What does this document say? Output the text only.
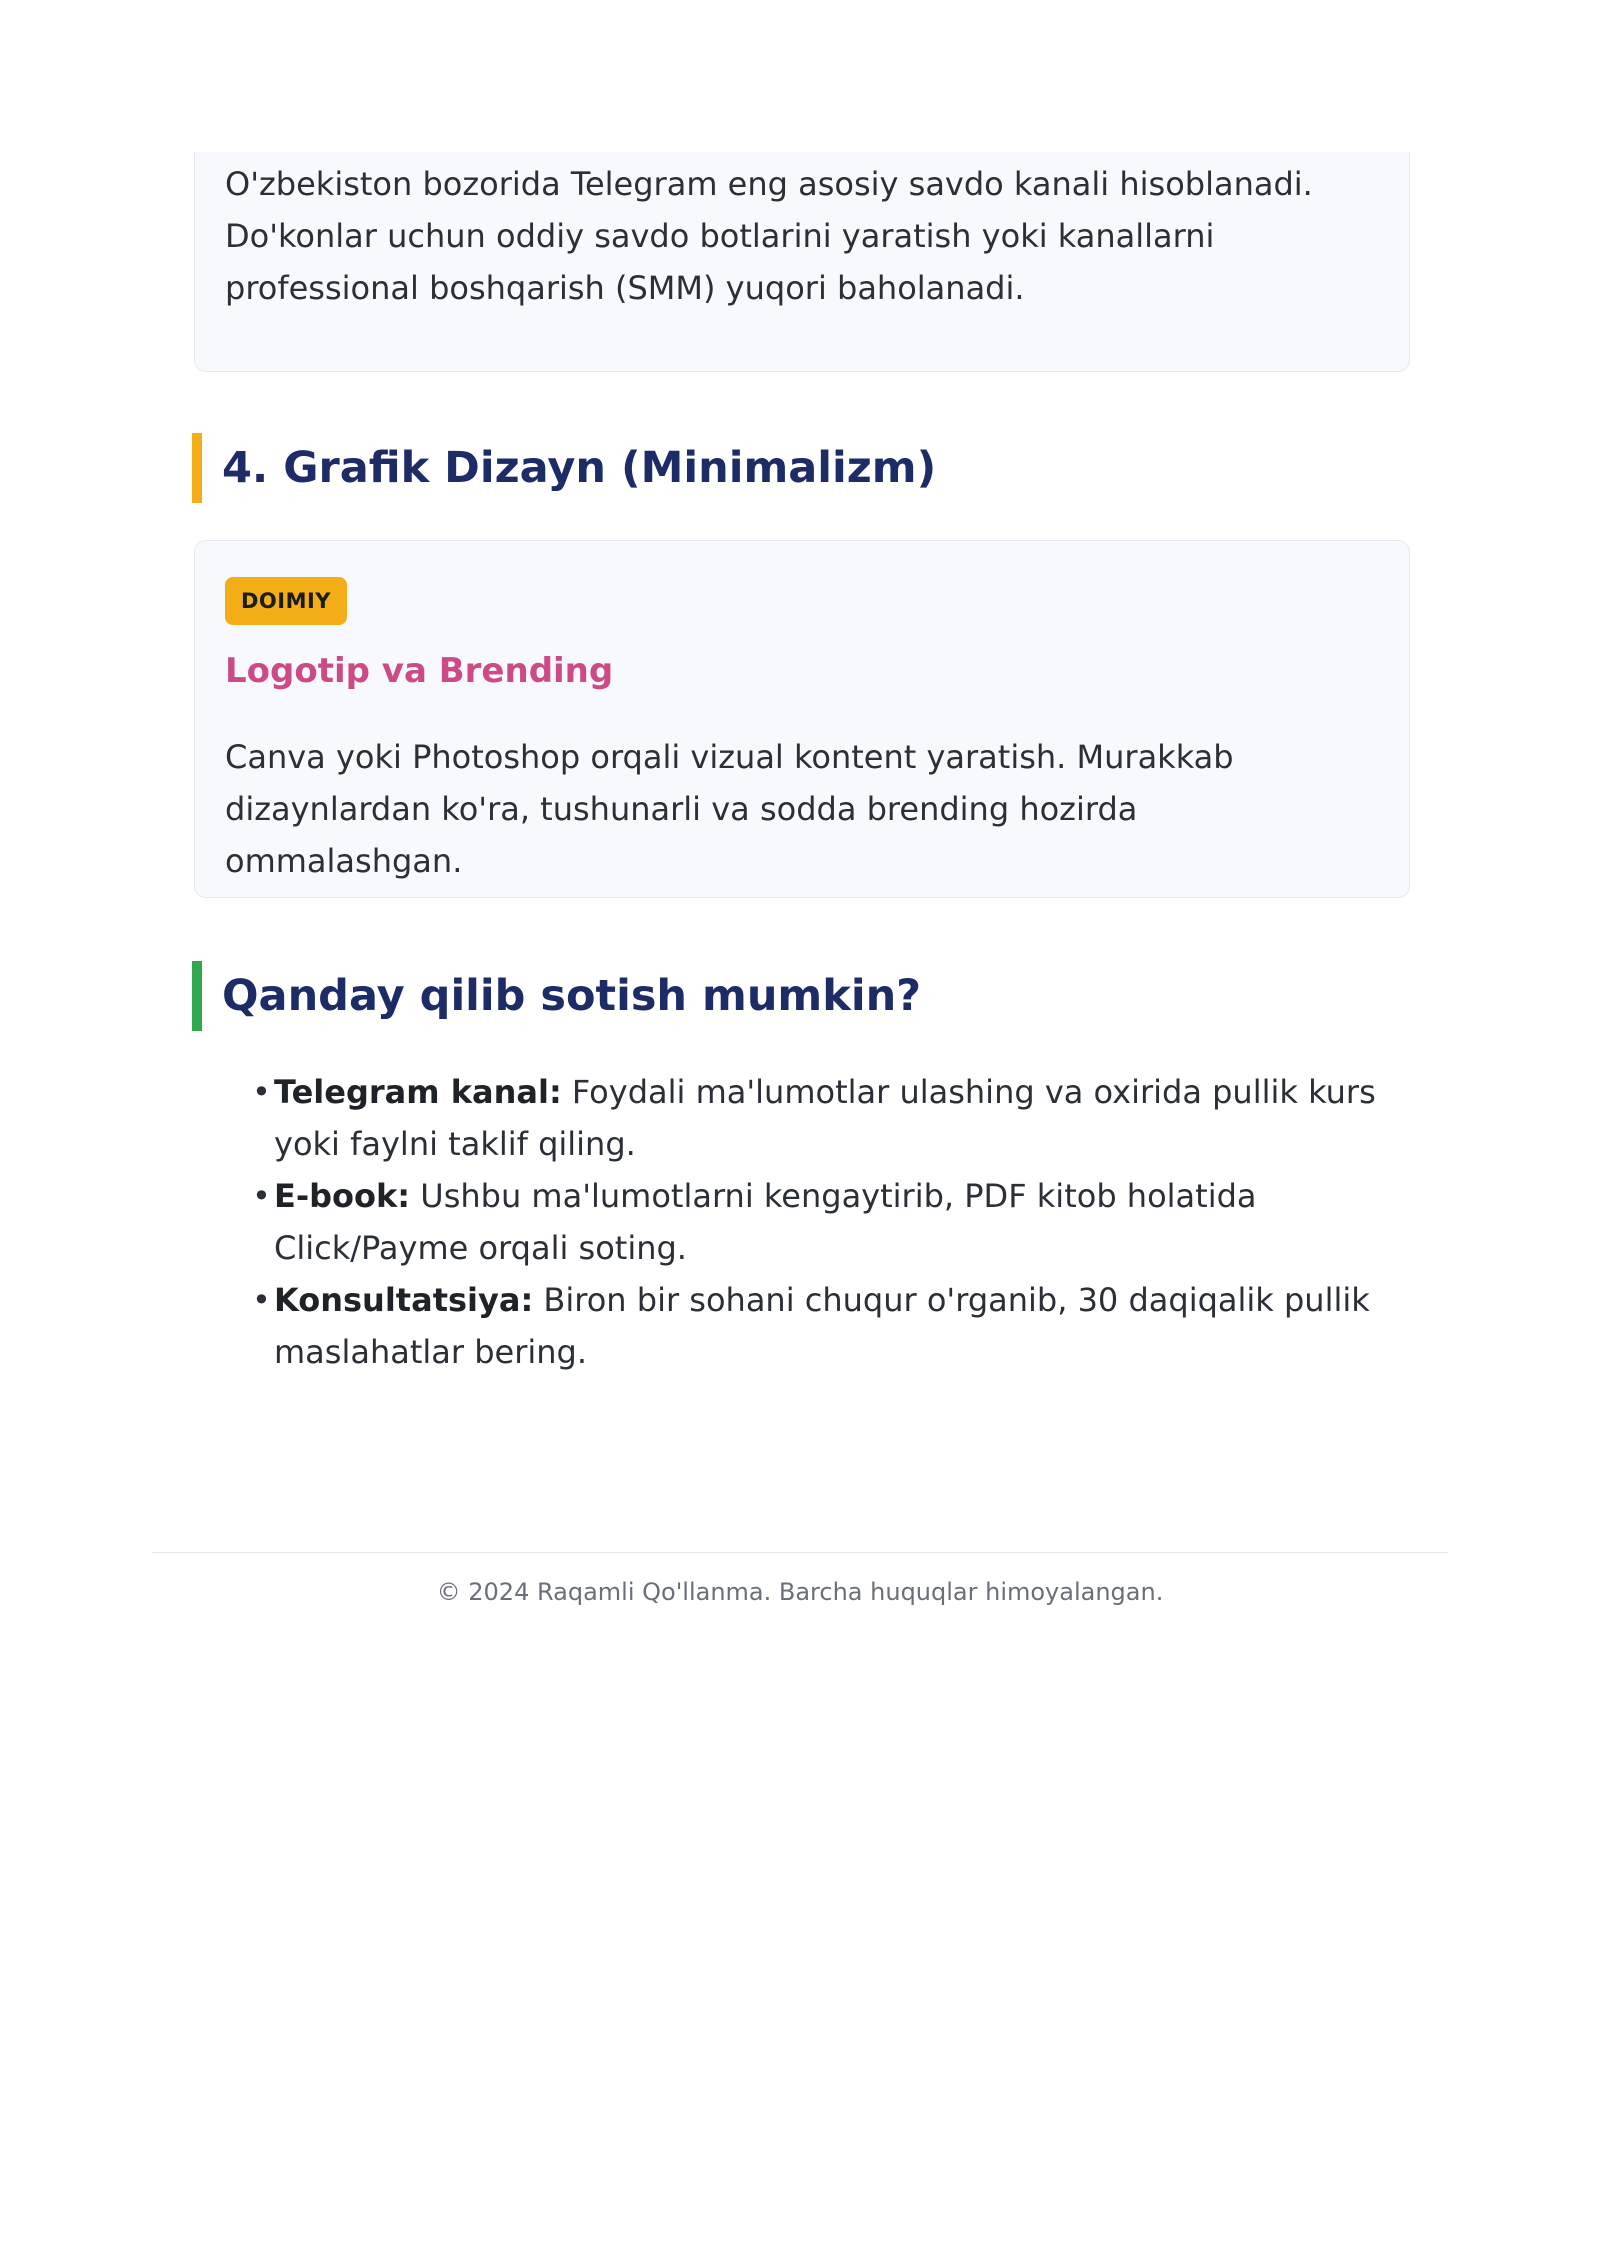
O'zbekiston bozorida Telegram eng asosiy savdo kanali hisoblanadi. Do'konlar uchun oddiy savdo botlarini yaratish yoki kanallarni professional boshqarish (SMM) yuqori baholanadi.
4. Grafik Dizayn (Minimalizm)
DOIMIY
Logotip va Brending
Canva yoki Photoshop orqali vizual kontent yaratish. Murakkab dizaynlardan ko'ra, tushunarli va sodda brending hozirda ommalashgan.
Qanday qilib sotish mumkin?
• Telegram kanal: Foydali ma'lumotlar ulashing va oxirida pullik kurs yoki faylni taklif qiling.
• E-book: Ushbu ma'lumotlarni kengaytirib, PDF kitob holatida Click/Payme orqali soting.
• Konsultatsiya: Biron bir sohani chuqur o'rganib, 30 daqiqalik pullik maslahatlar bering.
© 2024 Raqamli Qo'llanma. Barcha huquqlar himoyalangan.
